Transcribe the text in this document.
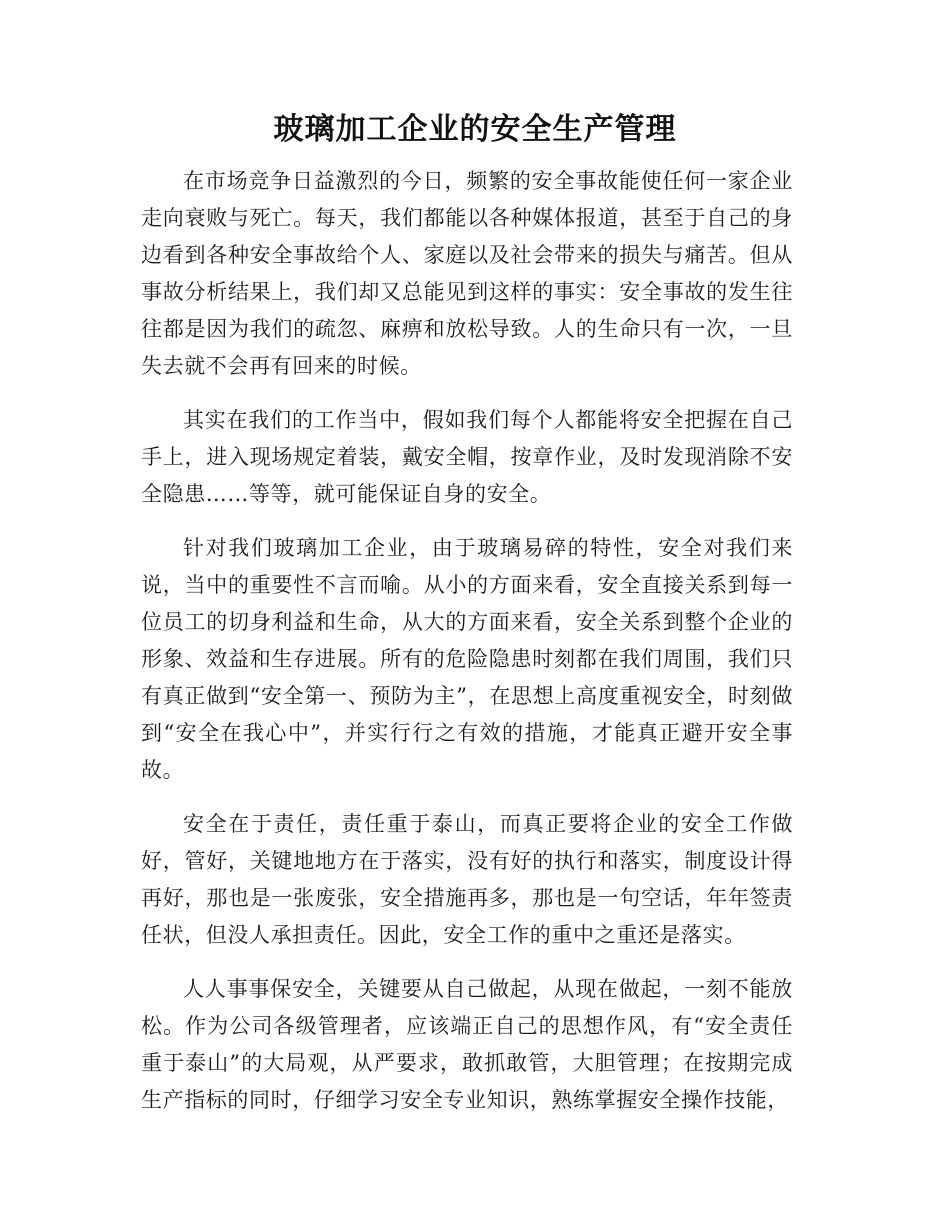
玻璃加工企业的安全生产管理

在市场竞争日益激烈的今日，频繁的安全事故能使任何一家企业走向衰败与死亡。每天，我们都能以各种媒体报道，甚至于自己的身边看到各种安全事故给个人、家庭以及社会带来的损失与痛苦。但从事故分析结果上，我们却又总能见到这样的事实：安全事故的发生往往都是因为我们的疏忽、麻痹和放松导致。人的生命只有一次，一旦失去就不会再有回来的时候。

其实在我们的工作当中，假如我们每个人都能将安全把握在自己手上，进入现场规定着装，戴安全帽，按章作业，及时发现消除不安全隐患……等等，就可能保证自身的安全。

针对我们玻璃加工企业，由于玻璃易碎的特性，安全对我们来说，当中的重要性不言而喻。从小的方面来看，安全直接关系到每一位员工的切身利益和生命，从大的方面来看，安全关系到整个企业的形象、效益和生存进展。所有的危险隐患时刻都在我们周围，我们只有真正做到“安全第一、预防为主”，在思想上高度重视安全，时刻做到“安全在我心中”，并实行行之有效的措施，才能真正避开安全事故。

安全在于责任，责任重于泰山，而真正要将企业的安全工作做好，管好，关键地地方在于落实，没有好的执行和落实，制度设计得再好，那也是一张废张，安全措施再多，那也是一句空话，年年签责任状，但没人承担责任。因此，安全工作的重中之重还是落实。

人人事事保安全，关键要从自己做起，从现在做起，一刻不能放松。作为公司各级管理者，应该端正自己的思想作风，有“安全责任重于泰山”的大局观，从严要求，敢抓敢管，大胆管理；在按期完成生产指标的同时，仔细学习安全专业知识，熟练掌握安全操作技能，
